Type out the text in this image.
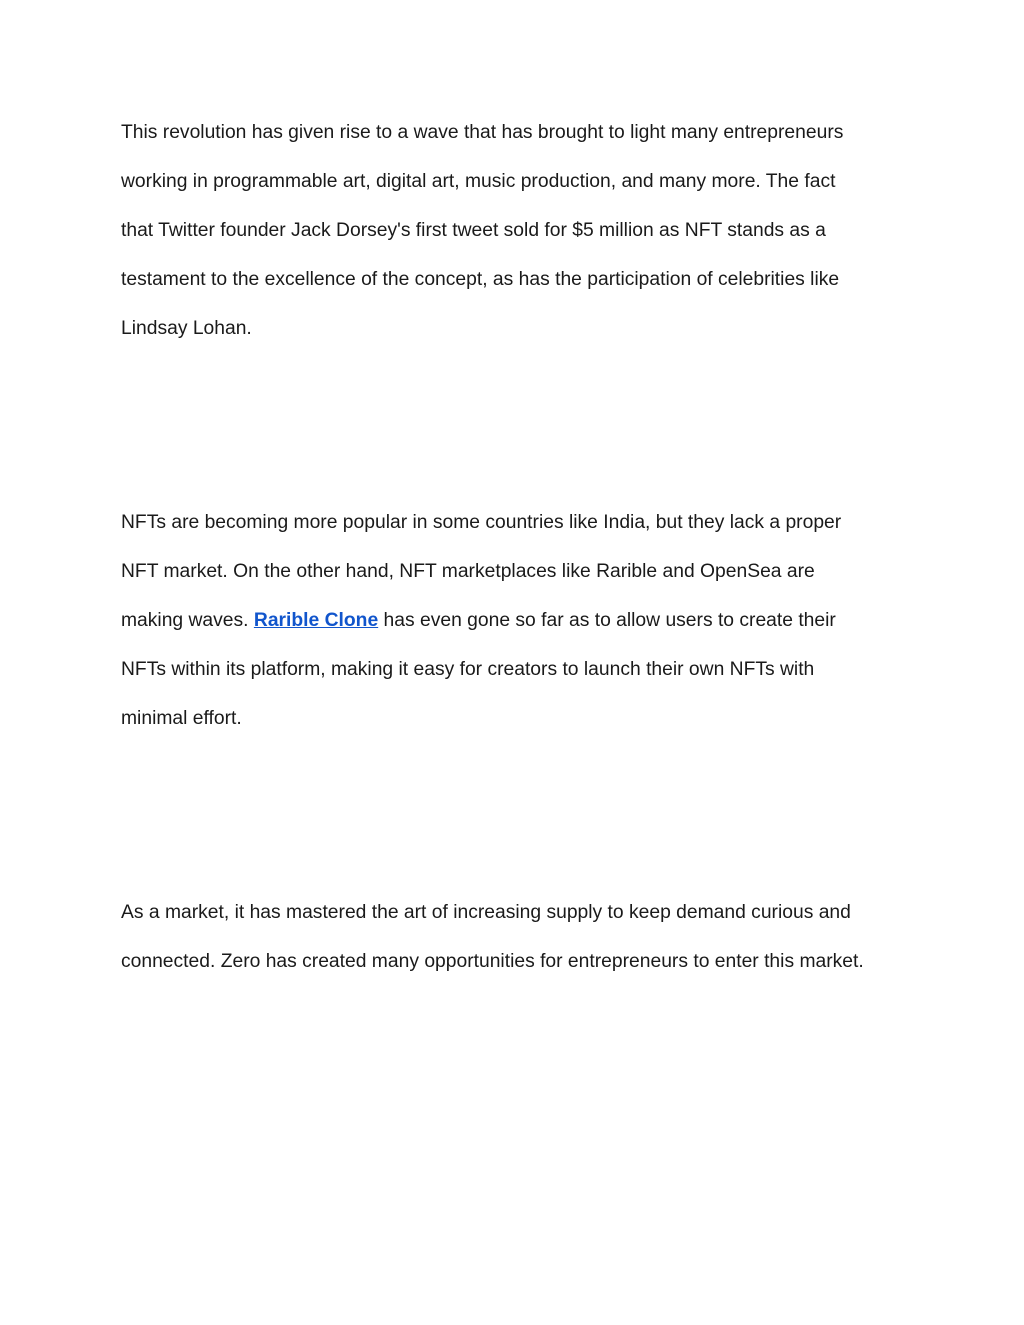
This revolution has given rise to a wave that has brought to light many entrepreneurs
working in programmable art, digital art, music production, and many more. The fact
that Twitter founder Jack Dorsey's first tweet sold for $5 million as NFT stands as a
testament to the excellence of the concept, as has the participation of celebrities like
Lindsay Lohan.

NFTs are becoming more popular in some countries like India, but they lack a proper
NFT market. On the other hand, NFT marketplaces like Rarible and OpenSea are
making waves. Rarible Clone has even gone so far as to allow users to create their
NFTs within its platform, making it easy for creators to launch their own NFTs with
minimal effort.

As a market, it has mastered the art of increasing supply to keep demand curious and
connected. Zero has created many opportunities for entrepreneurs to enter this market.
